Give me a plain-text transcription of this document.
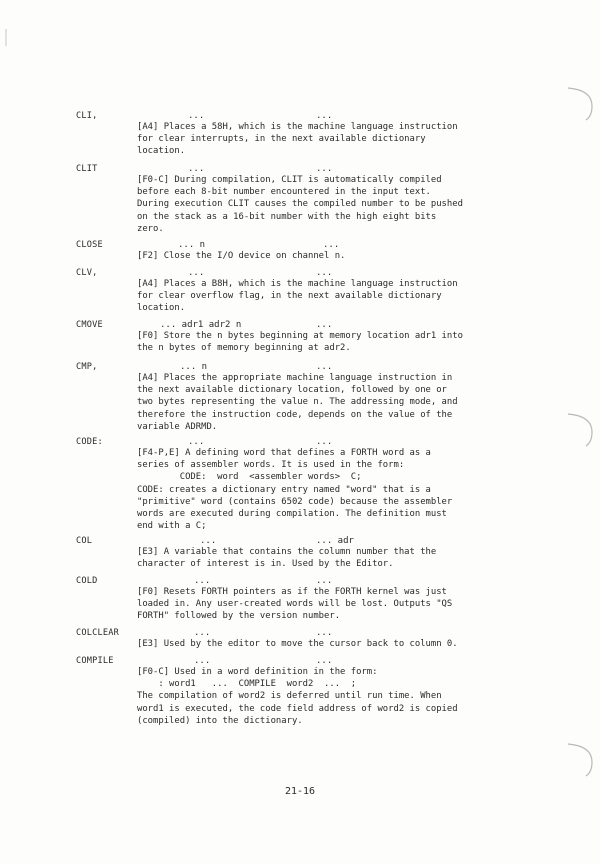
CLI,	...	...
[A4] Places a 58H, which is the machine language instruction
for clear interrupts, in the next available dictionary
location.
CLIT	...	...
[F0-C] During compilation, CLIT is automatically compiled
before each 8-bit number encountered in the input text.
During execution CLIT causes the compiled number to be pushed
on the stack as a 16-bit number with the high eight bits
zero.
CLOSE	... n	...
[F2] Close the I/O device on channel n.
CLV,	...	...
[A4] Places a B8H, which is the machine language instruction
for clear overflow flag, in the next available dictionary
location.
CMOVE	... adr1 adr2 n	...
[F0] Store the n bytes beginning at memory location adr1 into
the n bytes of memory beginning at adr2.
CMP,	... n	...
[A4] Places the appropriate machine language instruction in
the next available dictionary location, followed by one or
two bytes representing the value n. The addressing mode, and
therefore the instruction code, depends on the value of the
variable ADRMD.
CODE:	...	...
[F4-P,E] A defining word that defines a FORTH word as a
series of assembler words. It is used in the form:
CODE:  word  <assembler words>  C;
CODE: creates a dictionary entry named "word" that is a
"primitive" word (contains 6502 code) because the assembler
words are executed during compilation. The definition must
end with a C;
COL	...	... adr
[E3] A variable that contains the column number that the
character of interest is in. Used by the Editor.
COLD	...	...
[F0] Resets FORTH pointers as if the FORTH kernel was just
loaded in. Any user-created words will be lost. Outputs "QS
FORTH" followed by the version number.
COLCLEAR	...	...
[E3] Used by the editor to move the cursor back to column 0.
COMPILE	...	...
[F0-C] Used in a word definition in the form:
: word1   ...  COMPILE  word2  ...  ;
The compilation of word2 is deferred until run time. When
word1 is executed, the code field address of word2 is copied
(compiled) into the dictionary.
21-16
